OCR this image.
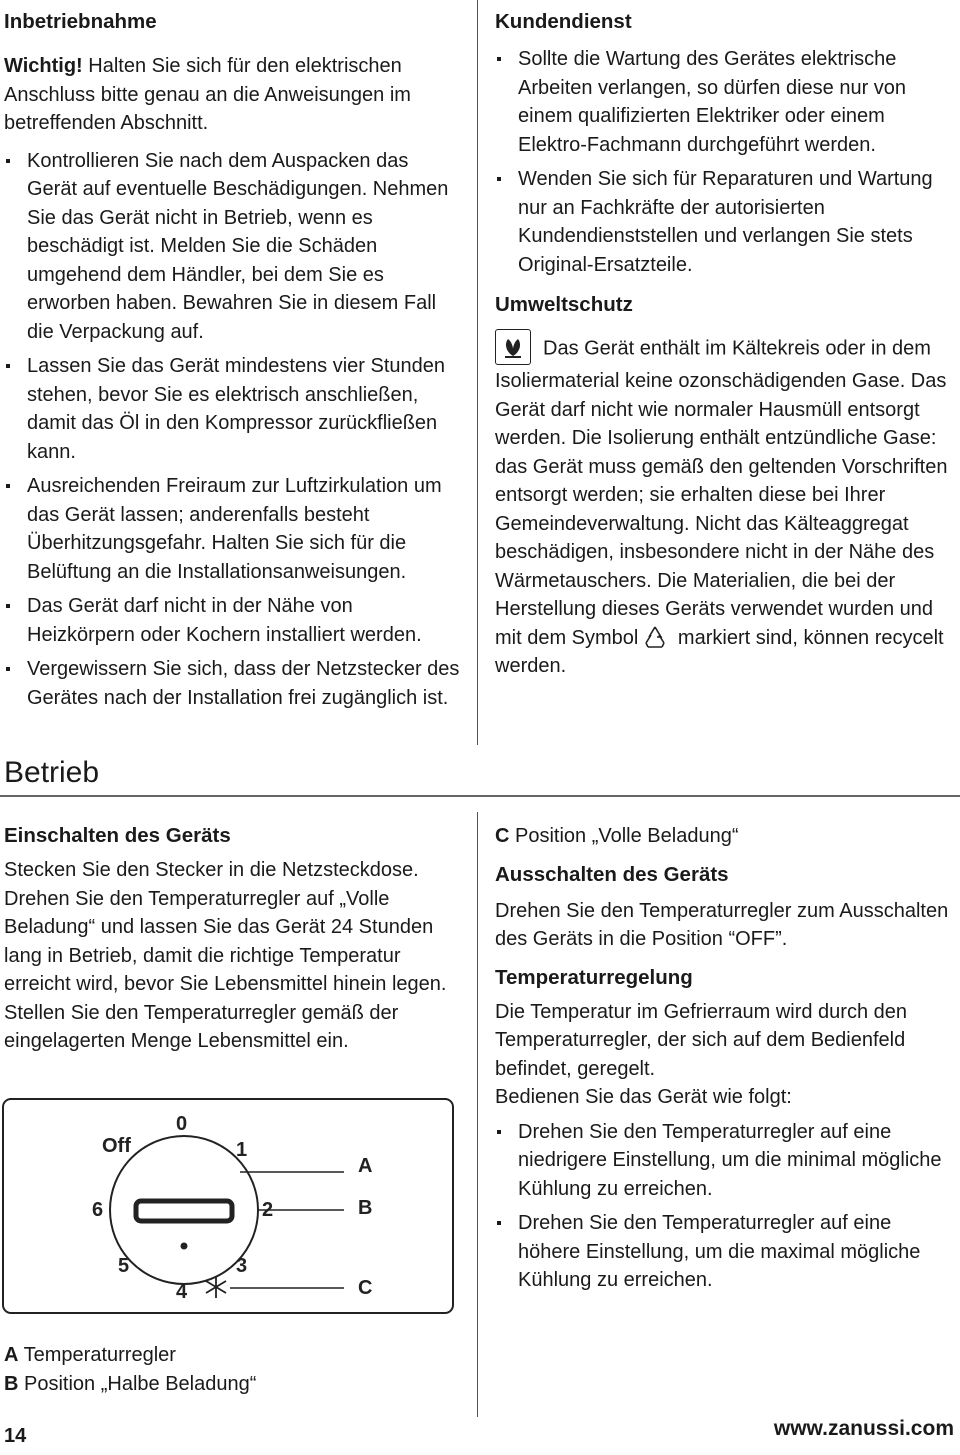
Inbetriebnahme

Wichtig! Halten Sie sich für den elektrischen Anschluss bitte genau an die Anweisungen im betreffenden Abschnitt.

Kontrollieren Sie nach dem Auspacken das Gerät auf eventuelle Beschädigungen. Nehmen Sie das Gerät nicht in Betrieb, wenn es beschädigt ist. Melden Sie die Schäden umgehend dem Händler, bei dem Sie es erworben haben. Bewahren Sie in diesem Fall die Verpackung auf.
Lassen Sie das Gerät mindestens vier Stunden stehen, bevor Sie es elektrisch anschließen, damit das Öl in den Kompressor zurückfließen kann.
Ausreichenden Freiraum zur Luftzirkulation um das Gerät lassen; anderenfalls besteht Überhitzungsgefahr. Halten Sie sich für die Belüftung an die Installationsanweisungen.
Das Gerät darf nicht in der Nähe von Heizkörpern oder Kochern installiert werden.
Vergewissern Sie sich, dass der Netzstecker des Gerätes nach der Installation frei zugänglich ist.
Betrieb
Kundendienst
Sollte die Wartung des Gerätes elektrische Arbeiten verlangen, so dürfen diese nur von einem qualifizierten Elektriker oder einem Elektro-Fachmann durchgeführt werden.
Wenden Sie sich für Reparaturen und Wartung nur an Fachkräfte der autorisierten Kundendienststellen und verlangen Sie stets Original-Ersatzteile.
Umweltschutz

Das Gerät enthält im Kältekreis oder in dem Isoliermaterial keine ozonschädigenden Gase. Das Gerät darf nicht wie normaler Hausmüll entsorgt werden. Die Isolierung enthält entzündliche Gase: das Gerät muss gemäß den geltenden Vorschriften entsorgt werden; sie erhalten diese bei Ihrer Gemeindeverwaltung. Nicht das Kälteaggregat beschädigen, insbesondere nicht in der Nähe des Wärmetauschers. Die Materialien, die bei der Herstellung dieses Geräts verwendet wurden und mit dem Symbol markiert sind, können recycelt werden.

Einschalten des Geräts

Stecken Sie den Stecker in die Netzsteckdose. Drehen Sie den Temperaturregler auf „Volle Beladung“ und lassen Sie das Gerät 24 Stunden lang in Betrieb, damit die richtige Temperatur erreicht wird, bevor Sie Lebensmittel hinein legen.

Stellen Sie den Temperaturregler gemäß der eingelagerten Menge Lebensmittel ein.

Off
0
1
2
3
4
5
6
A
B
C

A Temperaturregler

B Position „Halbe Beladung“

C Position „Volle Beladung“

Ausschalten des Geräts

Drehen Sie den Temperaturregler zum Ausschalten des Geräts in die Position “OFF”.

Temperaturregelung

Die Temperatur im Gefrierraum wird durch den Temperaturregler, der sich auf dem Bedienfeld befindet, geregelt.

Bedienen Sie das Gerät wie folgt:

Drehen Sie den Temperaturregler auf eine niedrigere Einstellung, um die minimal mögliche Kühlung zu erreichen.
Drehen Sie den Temperaturregler auf eine höhere Einstellung, um die maximal mögliche Kühlung zu erreichen.
14	www.zanussi.com
